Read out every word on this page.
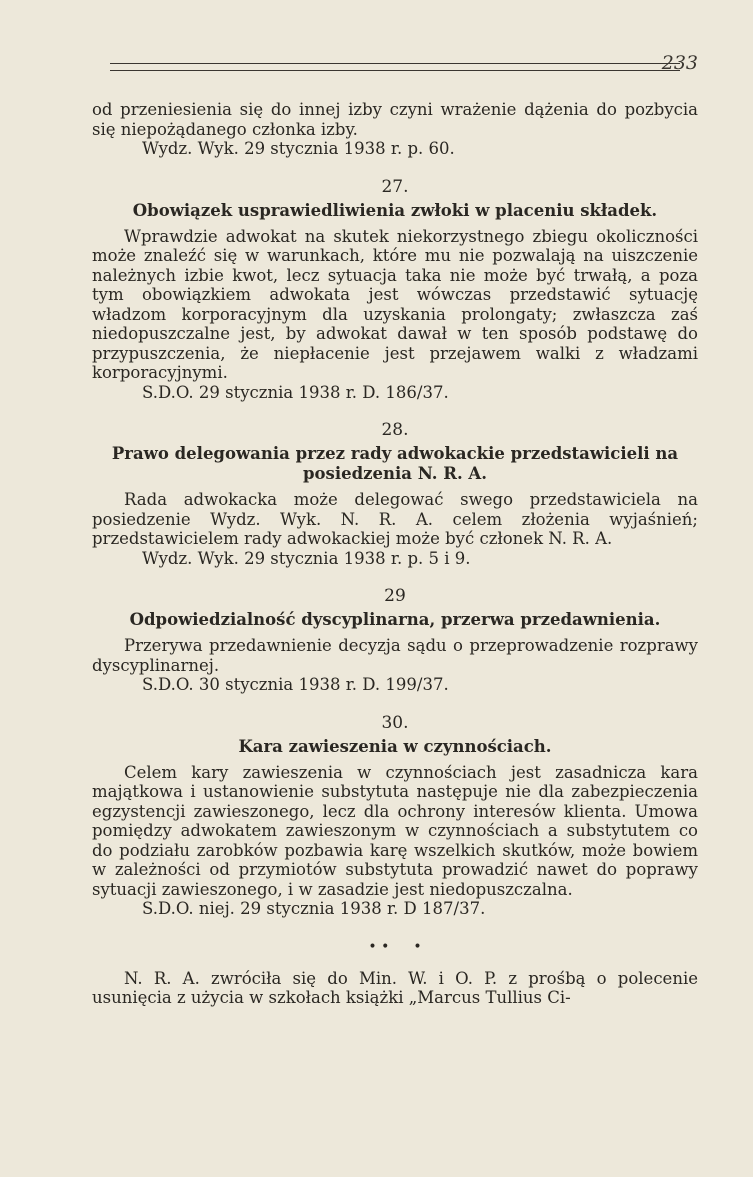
233

od przeniesienia się do innej izby czyni wrażenie dążenia do pozbycia się niepożądanego członka izby.

Wydz. Wyk. 29 stycznia 1938 r. p. 60.

27.
Obowiązek usprawiedliwienia zwłoki w placeniu składek.

Wprawdzie adwokat na skutek niekorzystnego zbiegu okoliczności może znaleźć się w warunkach, które mu nie pozwalają na uiszczenie należnych izbie kwot, lecz sytuacja taka nie może być trwałą, a poza tym obowiązkiem adwokata jest wówczas przedstawić sytuację władzom korporacyjnym dla uzyskania prolongaty; zwłaszcza zaś niedopuszczalne jest, by adwokat dawał w ten sposób podstawę do przypuszczenia, że niepłacenie jest przejawem walki z władzami korporacyjnymi.

S.D.O. 29 stycznia 1938 r. D. 186/37.

28.
Prawo delegowania przez rady adwokackie przedstawicieli na posiedzenia N. R. A.

Rada adwokacka może delegować swego przedstawiciela na posiedzenie Wydz. Wyk. N. R. A. celem złożenia wyjaśnień; przedstawicielem rady adwokackiej może być członek N. R. A.

Wydz. Wyk. 29 stycznia 1938 r. p. 5 i 9.

29
Odpowiedzialność dyscyplinarna, przerwa przedawnienia.

Przerywa przedawnienie decyzja sądu o przeprowadzenie rozprawy dyscyplinarnej.

S.D.O. 30 stycznia 1938 r. D. 199/37.

30.
Kara zawieszenia w czynnościach.

Celem kary zawieszenia w czynnościach jest zasadnicza kara majątkowa i ustanowienie substytuta następuje nie dla zabezpieczenia egzystencji zawieszonego, lecz dla ochrony interesów klienta. Umowa pomiędzy adwokatem zawieszonym w czynnościach a substytutem co do podziału zarobków pozbawia karę wszelkich skutków, może bowiem w zależności od przymiotów substytuta prowadzić nawet do poprawy sytuacji zawieszonego, i w zasadzie jest niedopuszczalna.

S.D.O. niej. 29 stycznia 1938 r. D 187/37.

• ••

N. R. A. zwróciła się do Min. W. i O. P. z prośbą o polecenie usunięcia z użycia w szkołach książki „Marcus Tullius Ci-
